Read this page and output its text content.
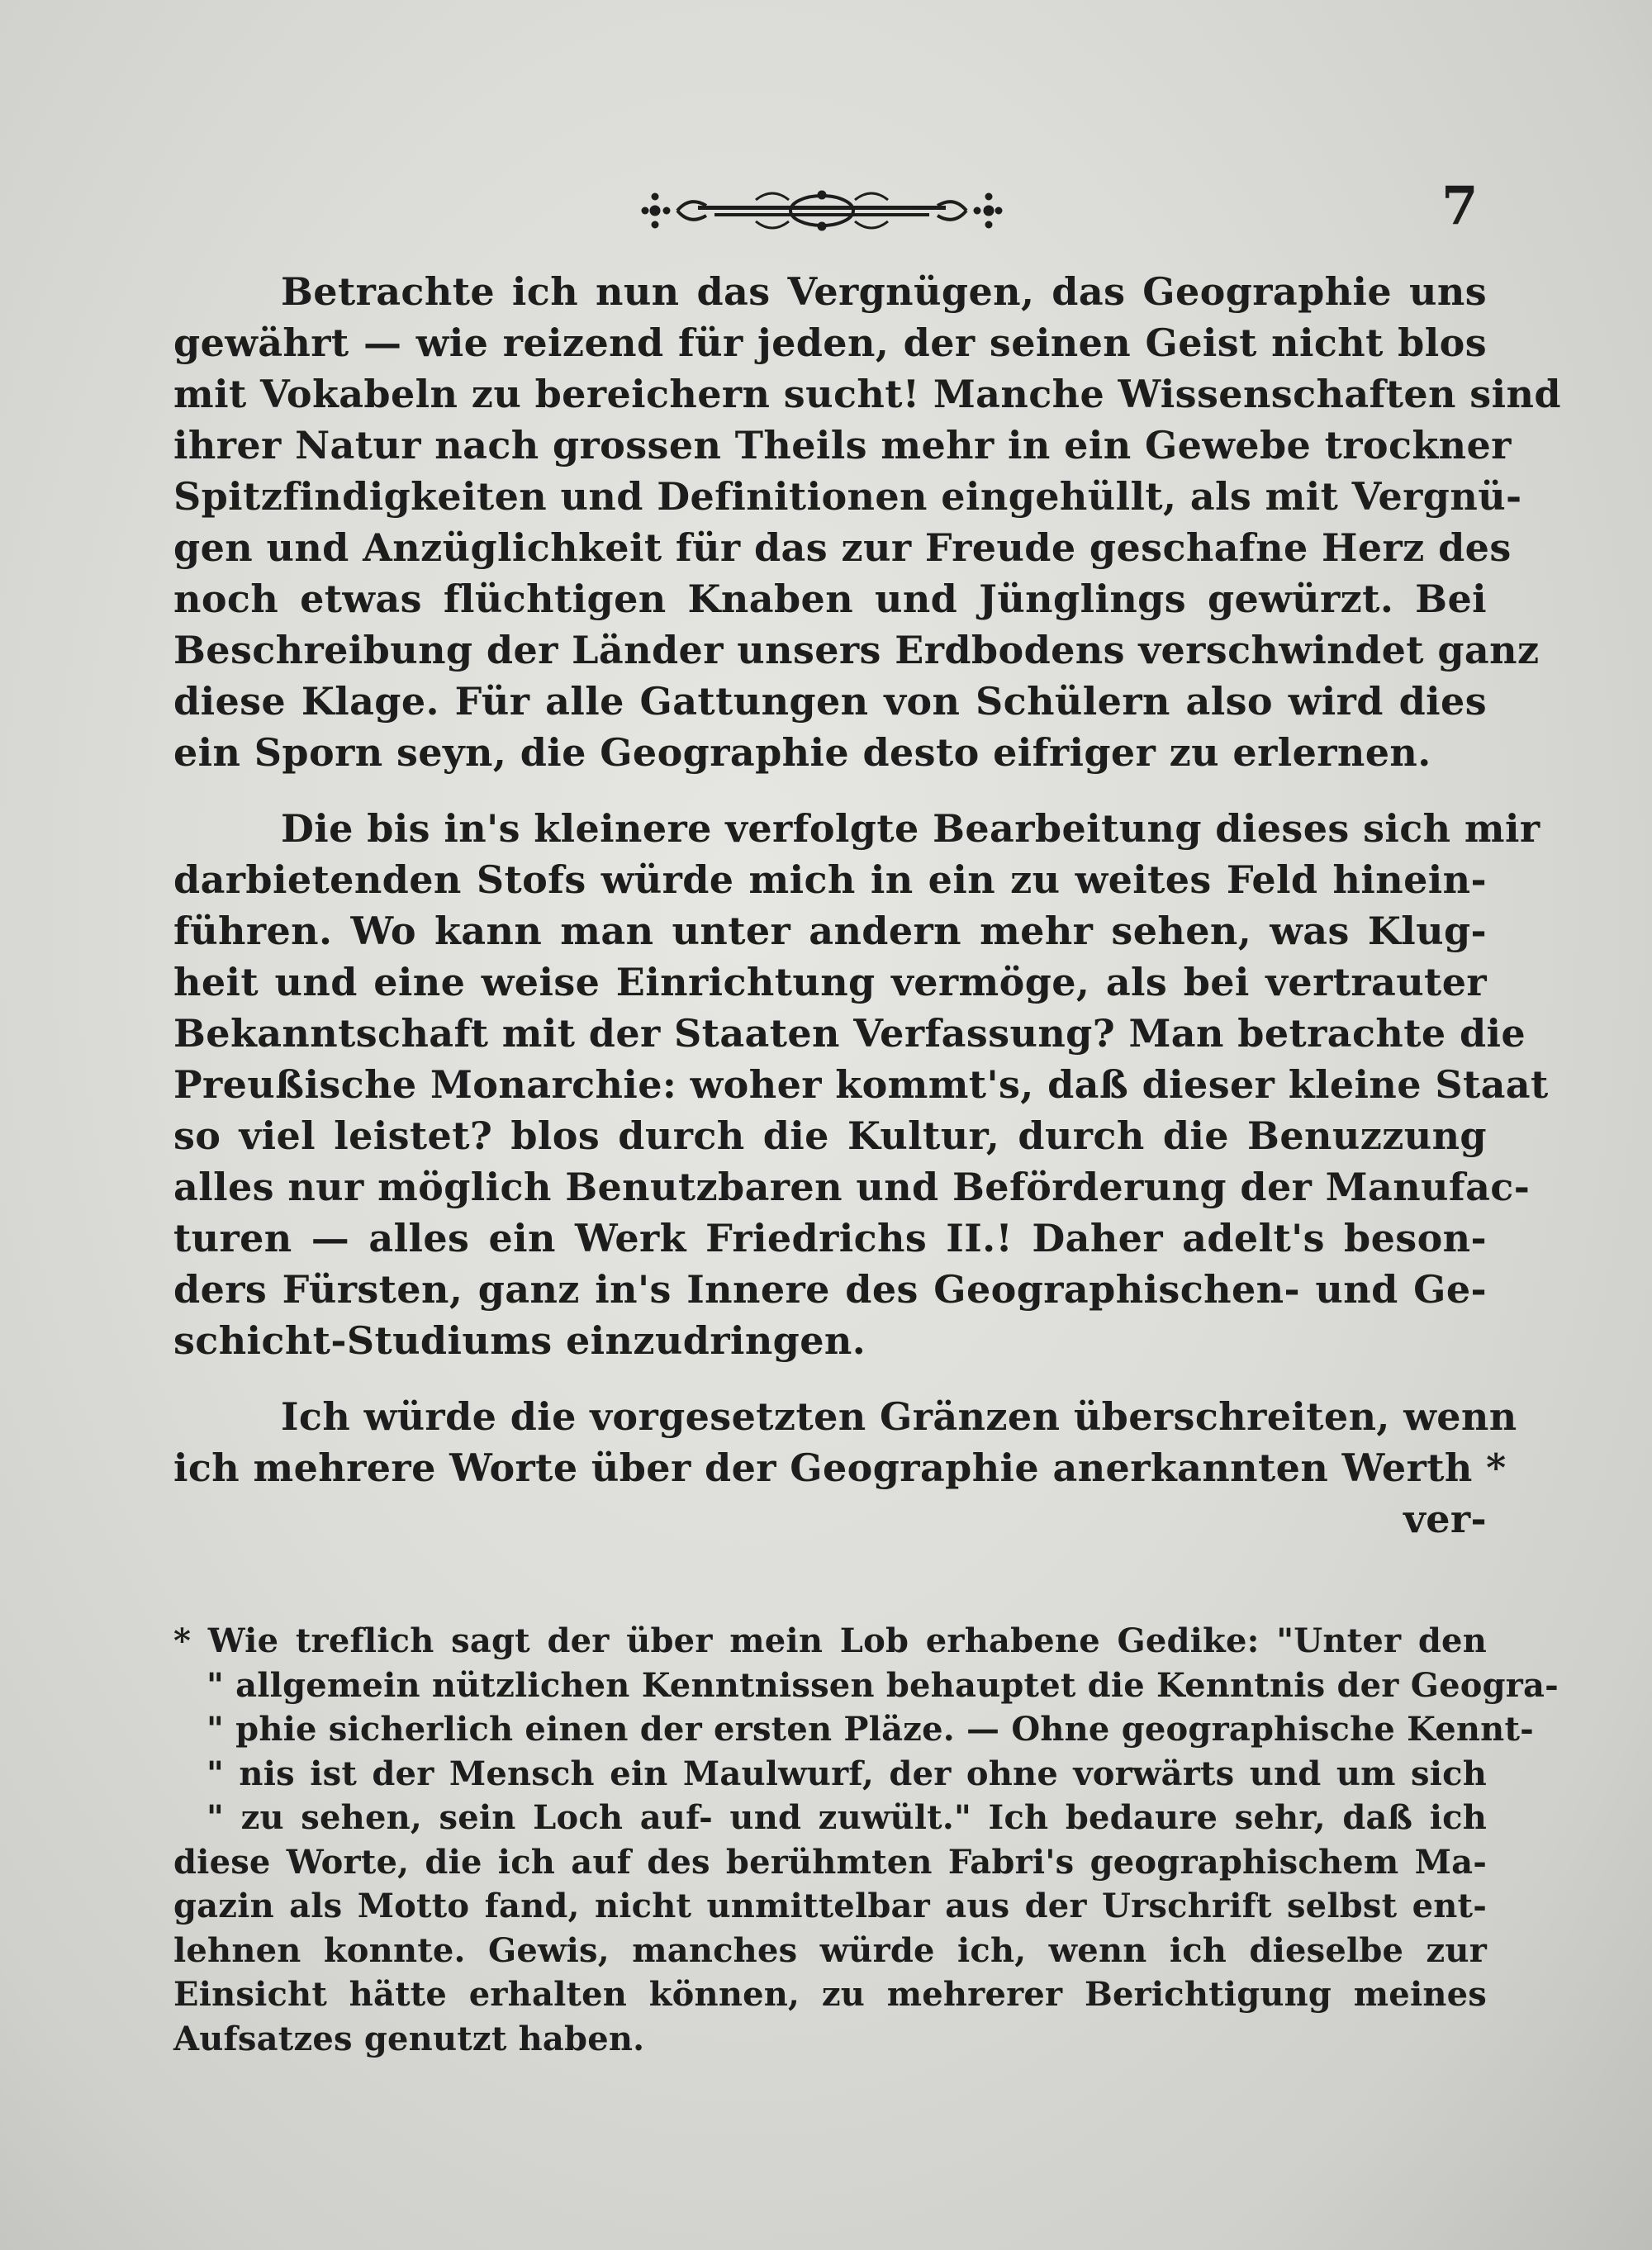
7
Betrachte ich nun das Vergnügen, das Geographie uns
gewährt — wie reizend für jeden, der seinen Geist nicht blos
mit Vokabeln zu bereichern sucht! Manche Wissenschaften sind
ihrer Natur nach grossen Theils mehr in ein Gewebe trockner
Spitzfindigkeiten und Definitionen eingehüllt, als mit Vergnü-
gen und Anzüglichkeit für das zur Freude geschafne Herz des
noch etwas flüchtigen Knaben und Jünglings gewürzt. Bei
Beschreibung der Länder unsers Erdbodens verschwindet ganz
diese Klage. Für alle Gattungen von Schülern also wird dies
ein Sporn seyn, die Geographie desto eifriger zu erlernen.
Die bis in's kleinere verfolgte Bearbeitung dieses sich mir
darbietenden Stofs würde mich in ein zu weites Feld hinein-
führen. Wo kann man unter andern mehr sehen, was Klug-
heit und eine weise Einrichtung vermöge, als bei vertrauter
Bekanntschaft mit der Staaten Verfassung? Man betrachte die
Preußische Monarchie: woher kommt's, daß dieser kleine Staat
so viel leistet? blos durch die Kultur, durch die Benuzzung
alles nur möglich Benutzbaren und Beförderung der Manufac-
turen — alles ein Werk Friedrichs II.! Daher adelt's beson-
ders Fürsten, ganz in's Innere des Geographischen- und Ge-
schicht-Studiums einzudringen.
Ich würde die vorgesetzten Gränzen überschreiten, wenn
ich mehrere Worte über der Geographie anerkannten Werth *
ver-
* Wie treflich sagt der über mein Lob erhabene Gedike: "Unter den
" allgemein nützlichen Kenntnissen behauptet die Kenntnis der Geogra-
" phie sicherlich einen der ersten Pläze. — Ohne geographische Kennt-
" nis ist der Mensch ein Maulwurf, der ohne vorwärts und um sich
" zu sehen, sein Loch auf- und zuwült." Ich bedaure sehr, daß ich
diese Worte, die ich auf des berühmten Fabri's geographischem Ma-
gazin als Motto fand, nicht unmittelbar aus der Urschrift selbst ent-
lehnen konnte. Gewis, manches würde ich, wenn ich dieselbe zur
Einsicht hätte erhalten können, zu mehrerer Berichtigung meines
Aufsatzes genutzt haben.
